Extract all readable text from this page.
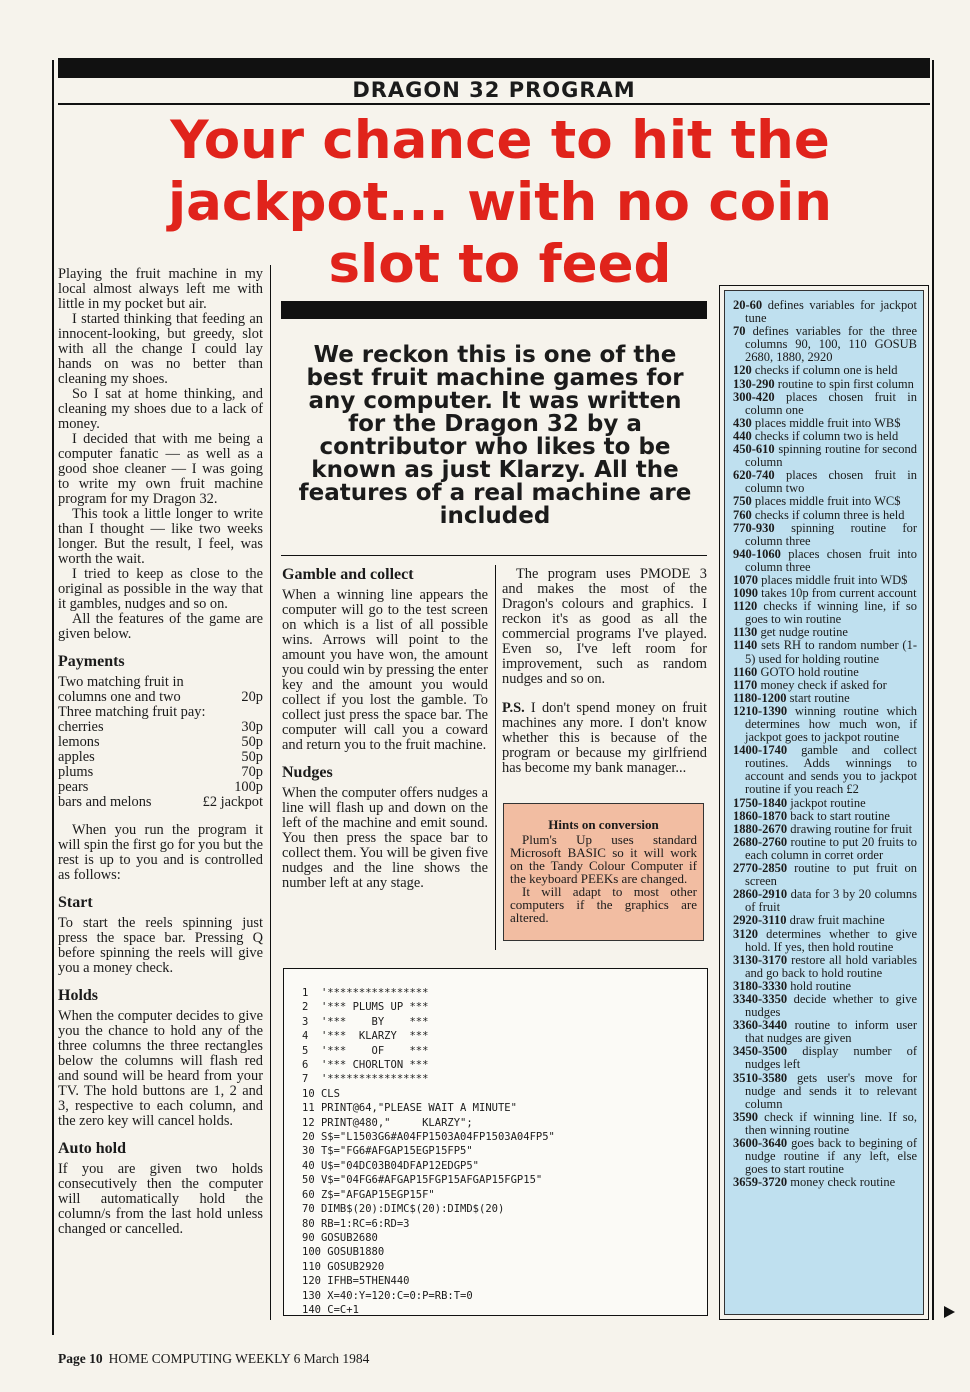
DRAGON 32 PROGRAM
Your chance to hit the jackpot... with no coin slot to feed

Playing the fruit machine in my local almost always left me with little in my pocket but air.

I started thinking that feeding an innocent-looking, but greedy, slot with all the change I could lay hands on was no better than cleaning my shoes.

So I sat at home thinking, and cleaning my shoes due to a lack of money.

I decided that with me being a computer fanatic — as well as a good shoe cleaner — I was going to write my own fruit machine program for my Dragon 32.

This took a little longer to write than I thought — like two weeks longer. But the result, I feel, was worth the wait.

I tried to keep as close to the original as possible in the way that it gambles, nudges and so on.

All the features of the game are given below.

Payments
Two matching fruit in columns one and two	20p
Three matching fruit pay:
cherries	30p
lemons	50p
apples	50p
plums	70p
pears	100p
bars and melons	£2 jackpot

When you run the program it will spin the first go for you but the rest is up to you and is controlled as follows:

Start

To start the reels spinning just press the space bar. Pressing Q before spinning the reels will give you a money check.

Holds

When the computer decides to give you the chance to hold any of the three columns the three rectangles below the columns will flash red and sound will be heard from your TV. The hold buttons are 1, 2 and 3, respective to each column, and the zero key will cancel holds.

Auto hold

If you are given two holds consecutively then the computer will automatically hold the column/s from the last hold unless changed or cancelled.

We reckon this is one of the best fruit machine games for any computer. It was written for the Dragon 32 by a contributor who likes to be known as just Klarzy. All the features of a real machine are included
Gamble and collect

When a winning line appears the computer will go to the test screen on which is a list of all possible wins. Arrows will point to the amount you have won, the amount you could win by pressing the enter key and the amount you would collect if you lost the gamble. To collect just press the space bar. The computer will call you a coward and return you to the fruit machine.

Nudges

When the computer offers nudges a line will flash up and down on the left of the machine and emit sound. You then press the space bar to collect them. You will be given five nudges and the line shows the number left at any stage.

The program uses PMODE 3 and makes the most of the Dragon's colours and graphics. I reckon it's as good as all the commercial programs I've played. Even so, I've left room for improvement, such as random nudges and so on.

P.S. I don't spend money on fruit machines any more. I don't know whether this is because of the program or because my girlfriend has become my bank manager...

Hints on conversion

Plum's Up uses standard Microsoft BASIC so it will work on the Tandy Colour Computer if the keyboard PEEKs are changed.

It will adapt to most other computers if the graphics are altered.

1  '****************
2  '*** PLUMS UP ***
3  '***    BY    ***
4  '***  KLARZY  ***
5  '***    OF    ***
6  '*** CHORLTON ***
7  '****************
10 CLS
11 PRINT@64,"PLEASE WAIT A MINUTE"
12 PRINT@480,"     KLARZY";
20 S$="L1503G6#A04FP1503A04FP1503A04FP5"
30 T$="FG6#AFGAP15EGP15FP5"
40 U$="04DC03B04DFAP12EDGP5"
50 V$="04FG6#AFGAP15FGP15AFGAP15FGP15"
60 Z$="AFGAP15EGP15F"
70 DIMB$(20):DIMC$(20):DIMD$(20)
80 RB=1:RC=6:RD=3
90 GOSUB2680
100 GOSUB1880
110 GOSUB2920
120 IFHB=5THEN440
130 X=40:Y=120:C=0:P=RB:T=0
140 C=C+1
20-60 defines variables for jackpot tune
70 defines variables for the three columns 90, 100, 110 GOSUB 2680, 1880, 2920
120 checks if column one is held
130-290 routine to spin first column
300-420 places chosen fruit in column one
430 places middle fruit into WB$
440 checks if column two is held
450-610 spinning routine for second column
620-740 places chosen fruit in column two
750 places middle fruit into WC$
760 checks if column three is held
770-930 spinning routine for column three
940-1060 places chosen fruit into column three
1070 places middle fruit into WD$
1090 takes 10p from current account
1120 checks if winning line, if so goes to win routine
1130 get nudge routine
1140 sets RH to random number (1-5) used for holding routine
1160 GOTO hold routine
1170 money check if asked for
1180-1200 start routine
1210-1390 winning routine which determines how much won, if jackpot goes to jackpot routine
1400-1740 gamble and collect routines. Adds winnings to account and sends you to jackpot routine if you reach £2
1750-1840 jackpot routine
1860-1870 back to start routine
1880-2670 drawing routine for fruit
2680-2760 routine to put 20 fruits to each column in corret order
2770-2850 routine to put fruit on screen
2860-2910 data for 3 by 20 columns of fruit
2920-3110 draw fruit machine
3120 determines whether to give hold. If yes, then hold routine
3130-3170 restore all hold variables and go back to hold routine
3180-3330 hold routine
3340-3350 decide whether to give nudges
3360-3440 routine to inform user that nudges are given
3450-3500 display number of nudges left
3510-3580 gets user's move for nudge and sends it to relevant column
3590 check if winning line. If so, then winning routine
3600-3640 goes back to begining of nudge routine if any left, else goes to start routine
3659-3720 money check routine
Page 10 HOME COMPUTING WEEKLY 6 March 1984
